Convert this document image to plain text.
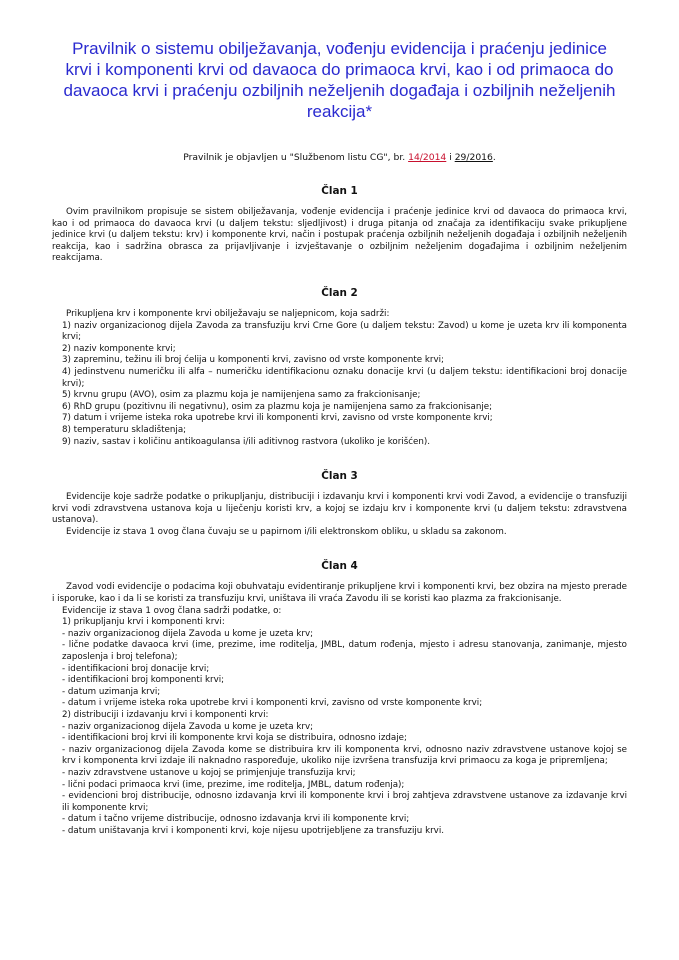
Pravilnik o sistemu obilježavanja, vođenju evidencija i praćenju jedinice krvi i komponenti krvi od davaoca do primaoca krvi, kao i od primaoca do davaoca krvi i praćenju ozbiljnih neželjenih događaja i ozbiljnih neželjenih reakcija*
Pravilnik je objavljen u "Službenom listu CG", br. 14/2014 i 29/2016.
Član 1

Ovim pravilnikom propisuje se sistem obilježavanja, vođenje evidencija i praćenje jedinice krvi od davaoca do primaoca krvi, kao i od primaoca do davaoca krvi (u daljem tekstu: sljedljivost) i druga pitanja od značaja za identifikaciju svake prikupljene jedinice krvi (u daljem tekstu: krv) i komponente krvi, način i postupak praćenja ozbiljnih neželjenih događaja i ozbiljnih neželjenih reakcija, kao i sadržina obrasca za prijavljivanje i izvještavanje o ozbiljnim neželjenim događajima i ozbiljnim neželjenim reakcijama.

Član 2

Prikupljena krv i komponente krvi obilježavaju se naljepnicom, koja sadrži:

1) naziv organizacionog dijela Zavoda za transfuziju krvi Crne Gore (u daljem tekstu: Zavod) u kome je uzeta krv ili komponenta krvi;

2) naziv komponente krvi;

3) zapreminu, težinu ili broj ćelija u komponenti krvi, zavisno od vrste komponente krvi;

4) jedinstvenu numeričku ili alfa – numeričku identifikacionu oznaku donacije krvi (u daljem tekstu: identifikacioni broj donacije krvi);

5) krvnu grupu (AVO), osim za plazmu koja je namijenjena samo za frakcionisanje;

6) RhD grupu (pozitivnu ili negativnu), osim za plazmu koja je namijenjena samo za frakcionisanje;

7) datum i vrijeme isteka roka upotrebe krvi ili komponenti krvi, zavisno od vrste komponente krvi;

8) temperaturu skladištenja;

9) naziv, sastav i količinu antikoagulansa i/ili aditivnog rastvora (ukoliko je korišćen).

Član 3

Evidencije koje sadrže podatke o prikupljanju, distribuciji i izdavanju krvi i komponenti krvi vodi Zavod, a evidencije o transfuziji krvi vodi zdravstvena ustanova koja u liječenju koristi krv, a kojoj se izdaju krv i komponente krvi (u daljem tekstu: zdravstvena ustanova).

Evidencije iz stava 1 ovog člana čuvaju se u papirnom i/ili elektronskom obliku, u skladu sa zakonom.

Član 4

Zavod vodi evidencije o podacima koji obuhvataju evidentiranje prikupljene krvi i komponenti krvi, bez obzira na mjesto prerade i isporuke, kao i da li se koristi za transfuziju krvi, uništava ili vraća Zavodu ili se koristi kao plazma za frakcionisanje.

Evidencije iz stava 1 ovog člana sadrži podatke, o:

1) prikupljanju krvi i komponenti krvi:

- naziv organizacionog dijela Zavoda u kome je uzeta krv;

- lične podatke davaoca krvi (ime, prezime, ime roditelja, JMBL, datum rođenja, mjesto i adresu stanovanja, zanimanje, mjesto zaposlenja i broj telefona);

- identifikacioni broj donacije krvi;

- identifikacioni broj komponenti krvi;

- datum uzimanja krvi;

- datum i vrijeme isteka roka upotrebe krvi i komponenti krvi, zavisno od vrste komponente krvi;

2) distribuciji i izdavanju krvi i komponenti krvi:

- naziv organizacionog dijela Zavoda u kome je uzeta krv;

- identifikacioni broj krvi ili komponente krvi koja se distribuira, odnosno izdaje;

- naziv organizacionog dijela Zavoda kome se distribuira krv ili komponenta krvi, odnosno naziv zdravstvene ustanove kojoj se krv i komponenta krvi izdaje ili naknadno raspoređuje, ukoliko nije izvršena transfuzija krvi primaocu za koga je pripremljena;

- naziv zdravstvene ustanove u kojoj se primjenjuje transfuzija krvi;

- lični podaci primaoca krvi (ime, prezime, ime roditelja, JMBL, datum rođenja);

- evidencioni broj distribucije, odnosno izdavanja krvi ili komponente krvi i broj zahtjeva zdravstvene ustanove za izdavanje krvi ili komponente krvi;

- datum i tačno vrijeme distribucije, odnosno izdavanja krvi ili komponente krvi;

- datum uništavanja krvi i komponenti krvi, koje nijesu upotrijebljene za transfuziju krvi.
